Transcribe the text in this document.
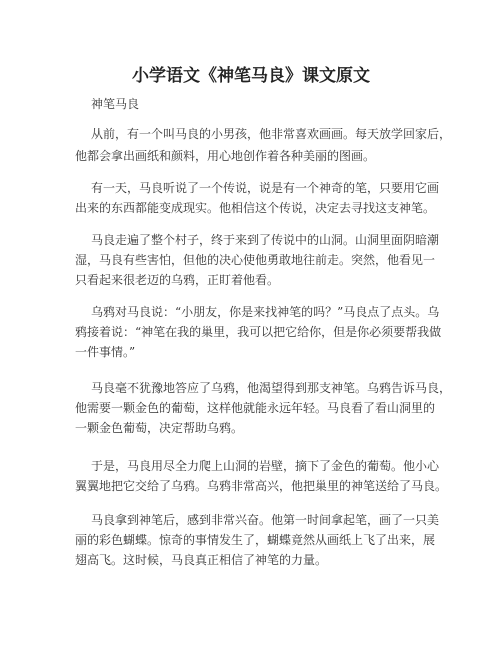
小学语文《神笔马良》课文原文
神笔马良
从前，有一个叫马良的小男孩，他非常喜欢画画。每天放学回家后，
他都会拿出画纸和颜料，用心地创作着各种美丽的图画。
有一天，马良听说了一个传说，说是有一个神奇的笔，只要用它画
出来的东西都能变成现实。他相信这个传说，决定去寻找这支神笔。
马良走遍了整个村子，终于来到了传说中的山洞。山洞里面阴暗潮
湿，马良有些害怕，但他的决心使他勇敢地往前走。突然，他看见一
只看起来很老迈的乌鸦，正盯着他看。
乌鸦对马良说：“小朋友，你是来找神笔的吗？”马良点了点头。乌
鸦接着说：“神笔在我的巢里，我可以把它给你，但是你必须要帮我做
一件事情。”
马良毫不犹豫地答应了乌鸦，他渴望得到那支神笔。乌鸦告诉马良，
他需要一颗金色的葡萄，这样他就能永远年轻。马良看了看山洞里的
一颗金色葡萄，决定帮助乌鸦。
于是，马良用尽全力爬上山洞的岩壁，摘下了金色的葡萄。他小心
翼翼地把它交给了乌鸦。乌鸦非常高兴，他把巢里的神笔送给了马良。
马良拿到神笔后，感到非常兴奋。他第一时间拿起笔，画了一只美
丽的彩色蝴蝶。惊奇的事情发生了，蝴蝶竟然从画纸上飞了出来，展
翅高飞。这时候，马良真正相信了神笔的力量。
